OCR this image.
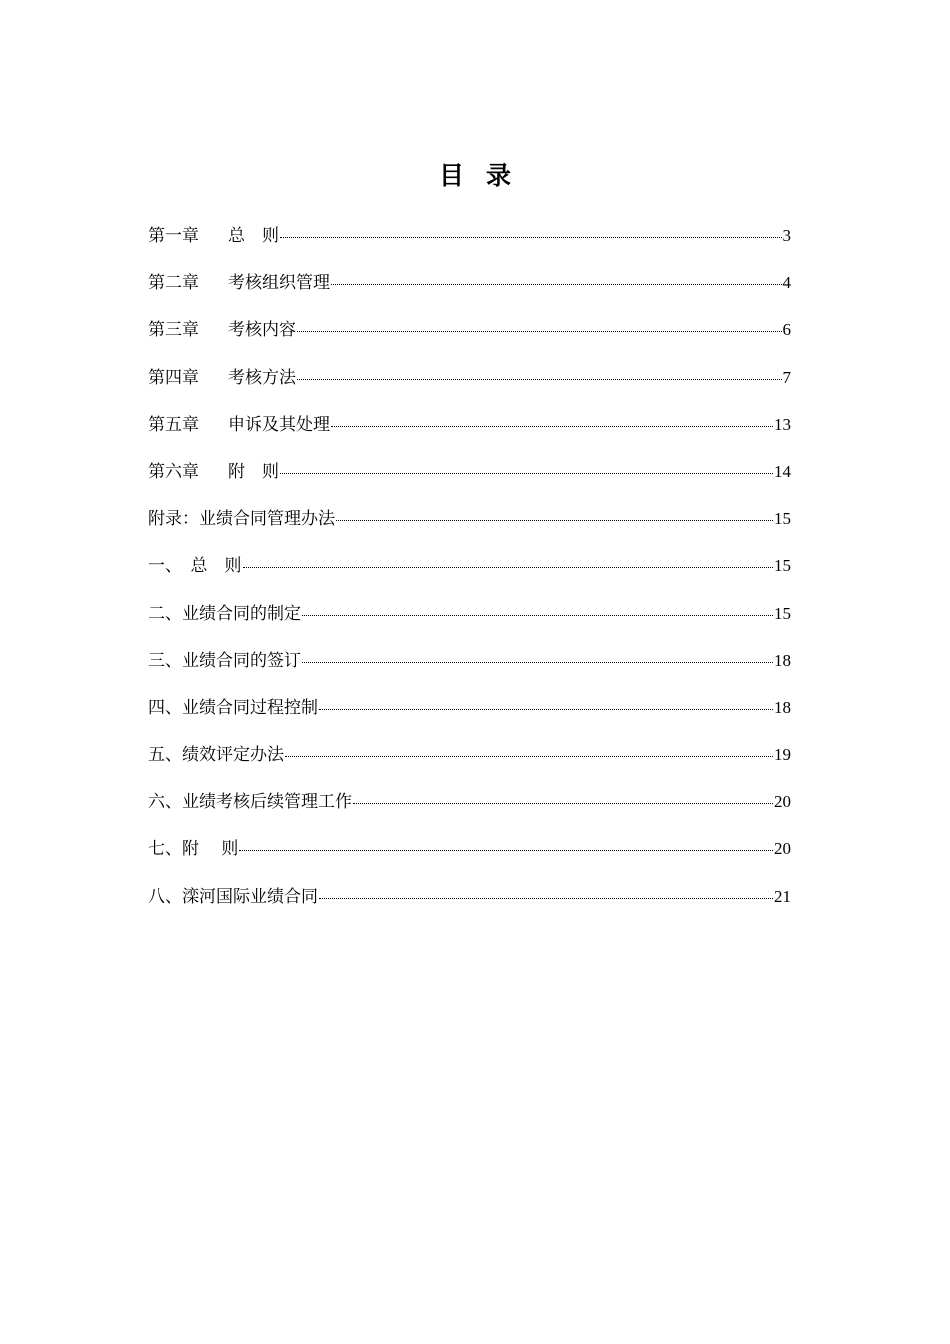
目 录
第一章 总　则	3
第二章 考核组织管理	4
第三章 考核内容	6
第四章 考核方法	7
第五章 申诉及其处理	13
第六章 附　则	14
附录：业绩合同管理办法	15
一、　总　则	15
二、业绩合同的制定	15
三、业绩合同的签订	18
四、业绩合同过程控制	18
五、绩效评定办法	19
六、业绩考核后续管理工作	20
七、附　 则	20
八、滦河国际业绩合同	21
